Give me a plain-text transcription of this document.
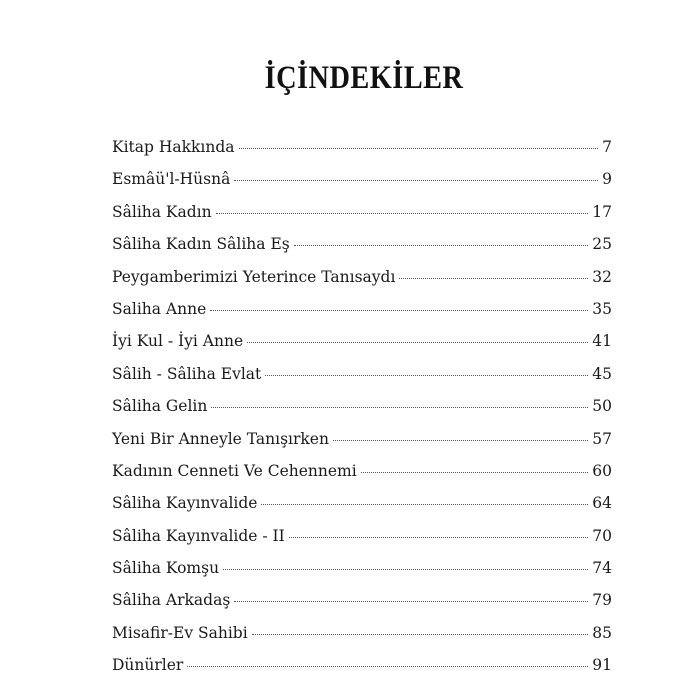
İÇİNDEKİLER
Kitap Hakkında	7
Esmâü'l-Hüsnâ	9
Sâliha Kadın	17
Sâliha Kadın Sâliha Eş	25
Peygamberimizi Yeterince Tanısaydı	32
Saliha Anne	35
İyi Kul - İyi Anne	41
Sâlih - Sâliha Evlat	45
Sâliha Gelin	50
Yeni Bir Anneyle Tanışırken	57
Kadının Cenneti Ve Cehennemi	60
Sâliha Kayınvalide	64
Sâliha Kayınvalide - II	70
Sâliha Komşu	74
Sâliha Arkadaş	79
Misafir-Ev Sahibi	85
Dünürler	91
